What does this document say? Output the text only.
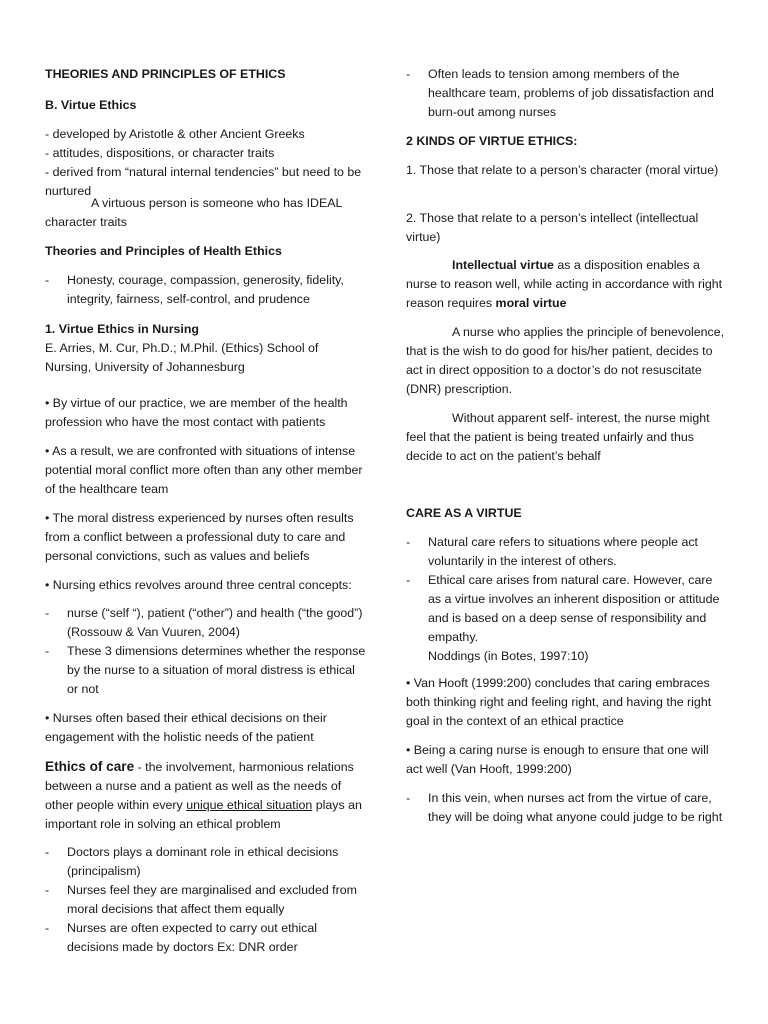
THEORIES AND PRINCIPLES OF ETHICS

B. Virtue Ethics

- developed by Aristotle & other Ancient Greeks
- attitudes, dispositions, or character traits
- derived from “natural internal tendencies” but need to be nurtured

A virtuous person is someone who has IDEAL character traits

Theories and Principles of Health Ethics

-	Honesty, courage, compassion, generosity, fidelity, integrity, fairness, self-control, and prudence

1. Virtue Ethics in Nursing

E. Arries, M. Cur, Ph.D.; M.Phil. (Ethics) School of Nursing, University of Johannesburg

• By virtue of our practice, we are member of the health profession who have the most contact with patients

• As a result, we are confronted with situations of intense potential moral conflict more often than any other member of the healthcare team

• The moral distress experienced by nurses often results from a conflict between a professional duty to care and personal convictions, such as values and beliefs

• Nursing ethics revolves around three central concepts:

-	nurse (“self “), patient (“other”) and health (“the good”) (Rossouw & Van Vuuren, 2004)
-	These 3 dimensions determines whether the response by the nurse to a situation of moral distress is ethical or not

• Nurses often based their ethical decisions on their engagement with the holistic needs of the patient

Ethics of care - the involvement, harmonious relations between a nurse and a patient as well as the needs of other people within every unique ethical situation plays an important role in solving an ethical problem

-	Doctors plays a dominant role in ethical decisions (principalism)
-	Nurses feel they are marginalised and excluded from moral decisions that affect them equally
-	Nurses are often expected to carry out ethical decisions made by doctors Ex: DNR order
-	Often leads to tension among members of the healthcare team, problems of job dissatisfaction and burn-out among nurses

2 KINDS OF VIRTUE ETHICS:

1. Those that relate to a person’s character (moral virtue)

2. Those that relate to a person’s intellect (intellectual virtue)

Intellectual virtue as a disposition enables a nurse to reason well, while acting in accordance with right reason requires moral virtue

A nurse who applies the principle of benevolence, that is the wish to do good for his/her patient, decides to act in direct opposition to a doctor’s do not resuscitate (DNR) prescription.

Without apparent self- interest, the nurse might feel that the patient is being treated unfairly and thus decide to act on the patient’s behalf

CARE AS A VIRTUE

-	Natural care refers to situations where people act voluntarily in the interest of others.
-	Ethical care arises from natural care. However, care as a virtue involves an inherent disposition or attitude and is based on a deep sense of responsibility and empathy.
Noddings (in Botes, 1997:10)

• Van Hooft (1999:200) concludes that caring embraces both thinking right and feeling right, and having the right goal in the context of an ethical practice

• Being a caring nurse is enough to ensure that one will act well (Van Hooft, 1999:200)

-	In this vein, when nurses act from the virtue of care, they will be doing what anyone could judge to be right
